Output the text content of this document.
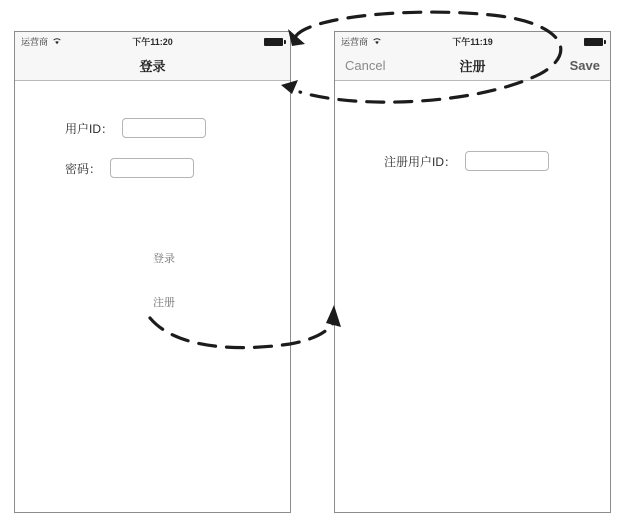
运营商	下午11:20
登录
用户ID：
密码：
登录
注册
运营商	下午11:19
Cancel	注册	Save
注册用户ID：
